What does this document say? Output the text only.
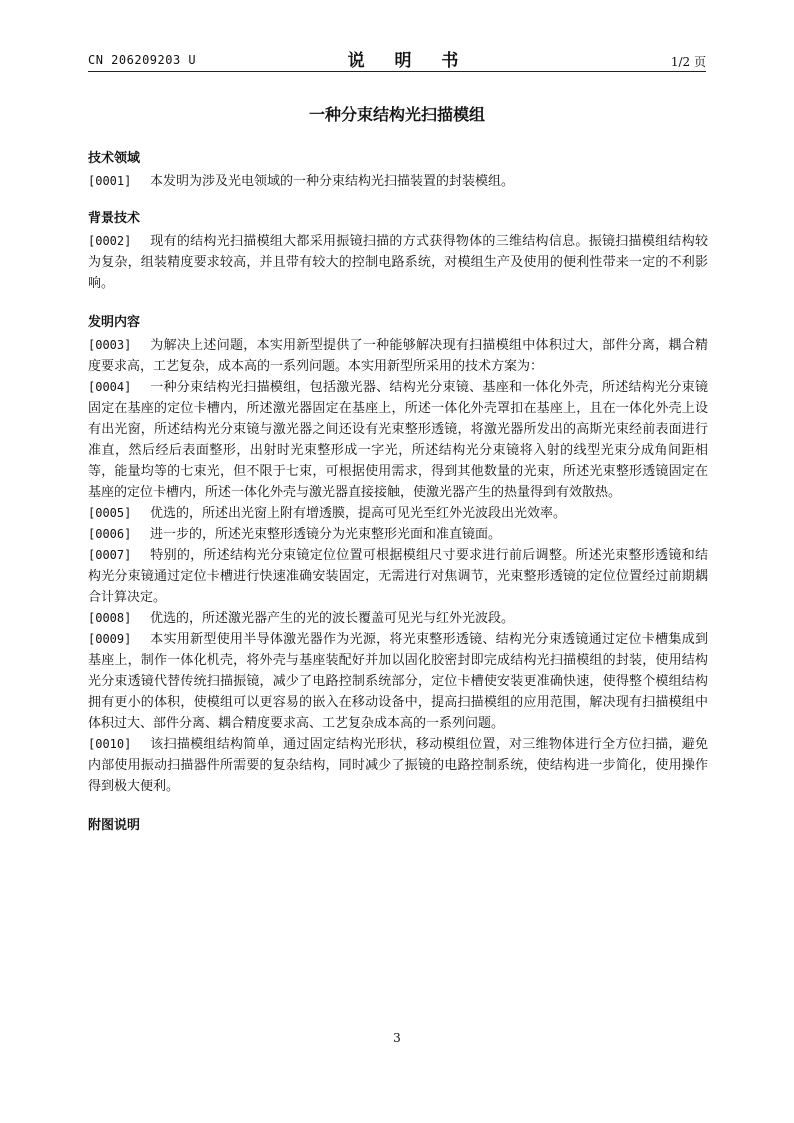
CN 206209203 U	说 明 书	1/2 页
一种分束结构光扫描模组
技术领域

[0001] 本发明为涉及光电领域的一种分束结构光扫描装置的封装模组。

背景技术

[0002] 现有的结构光扫描模组大都采用振镜扫描的方式获得物体的三维结构信息。振镜扫描模组结构较为复杂，组装精度要求较高，并且带有较大的控制电路系统，对模组生产及使用的便利性带来一定的不利影响。

发明内容

[0003] 为解决上述问题，本实用新型提供了一种能够解决现有扫描模组中体积过大，部件分离，耦合精度要求高，工艺复杂，成本高的一系列问题。本实用新型所采用的技术方案为：

[0004] 一种分束结构光扫描模组，包括激光器、结构光分束镜、基座和一体化外壳，所述结构光分束镜固定在基座的定位卡槽内，所述激光器固定在基座上，所述一体化外壳罩扣在基座上，且在一体化外壳上设有出光窗，所述结构光分束镜与激光器之间还设有光束整形透镜，将激光器所发出的高斯光束经前表面进行准直，然后经后表面整形，出射时光束整形成一字光，所述结构光分束镜将入射的线型光束分成角间距相等，能量均等的七束光，但不限于七束，可根据使用需求，得到其他数量的光束，所述光束整形透镜固定在基座的定位卡槽内，所述一体化外壳与激光器直接接触，使激光器产生的热量得到有效散热。

[0005] 优选的，所述出光窗上附有增透膜，提高可见光至红外光波段出光效率。

[0006] 进一步的，所述光束整形透镜分为光束整形光面和准直镜面。

[0007] 特别的，所述结构光分束镜定位位置可根据模组尺寸要求进行前后调整。所述光束整形透镜和结构光分束镜通过定位卡槽进行快速准确安装固定，无需进行对焦调节，光束整形透镜的定位位置经过前期耦合计算决定。

[0008] 优选的，所述激光器产生的光的波长覆盖可见光与红外光波段。

[0009] 本实用新型使用半导体激光器作为光源，将光束整形透镜、结构光分束透镜通过定位卡槽集成到基座上，制作一体化机壳，将外壳与基座装配好并加以固化胶密封即完成结构光扫描模组的封装，使用结构光分束透镜代替传统扫描振镜，减少了电路控制系统部分，定位卡槽使安装更准确快速，使得整个模组结构拥有更小的体积，使模组可以更容易的嵌入在移动设备中，提高扫描模组的应用范围，解决现有扫描模组中体积过大、部件分离、耦合精度要求高、工艺复杂成本高的一系列问题。

[0010] 该扫描模组结构简单，通过固定结构光形状，移动模组位置，对三维物体进行全方位扫描，避免内部使用振动扫描器件所需要的复杂结构，同时减少了振镜的电路控制系统，使结构进一步简化，使用操作得到极大便利。

附图说明
3
